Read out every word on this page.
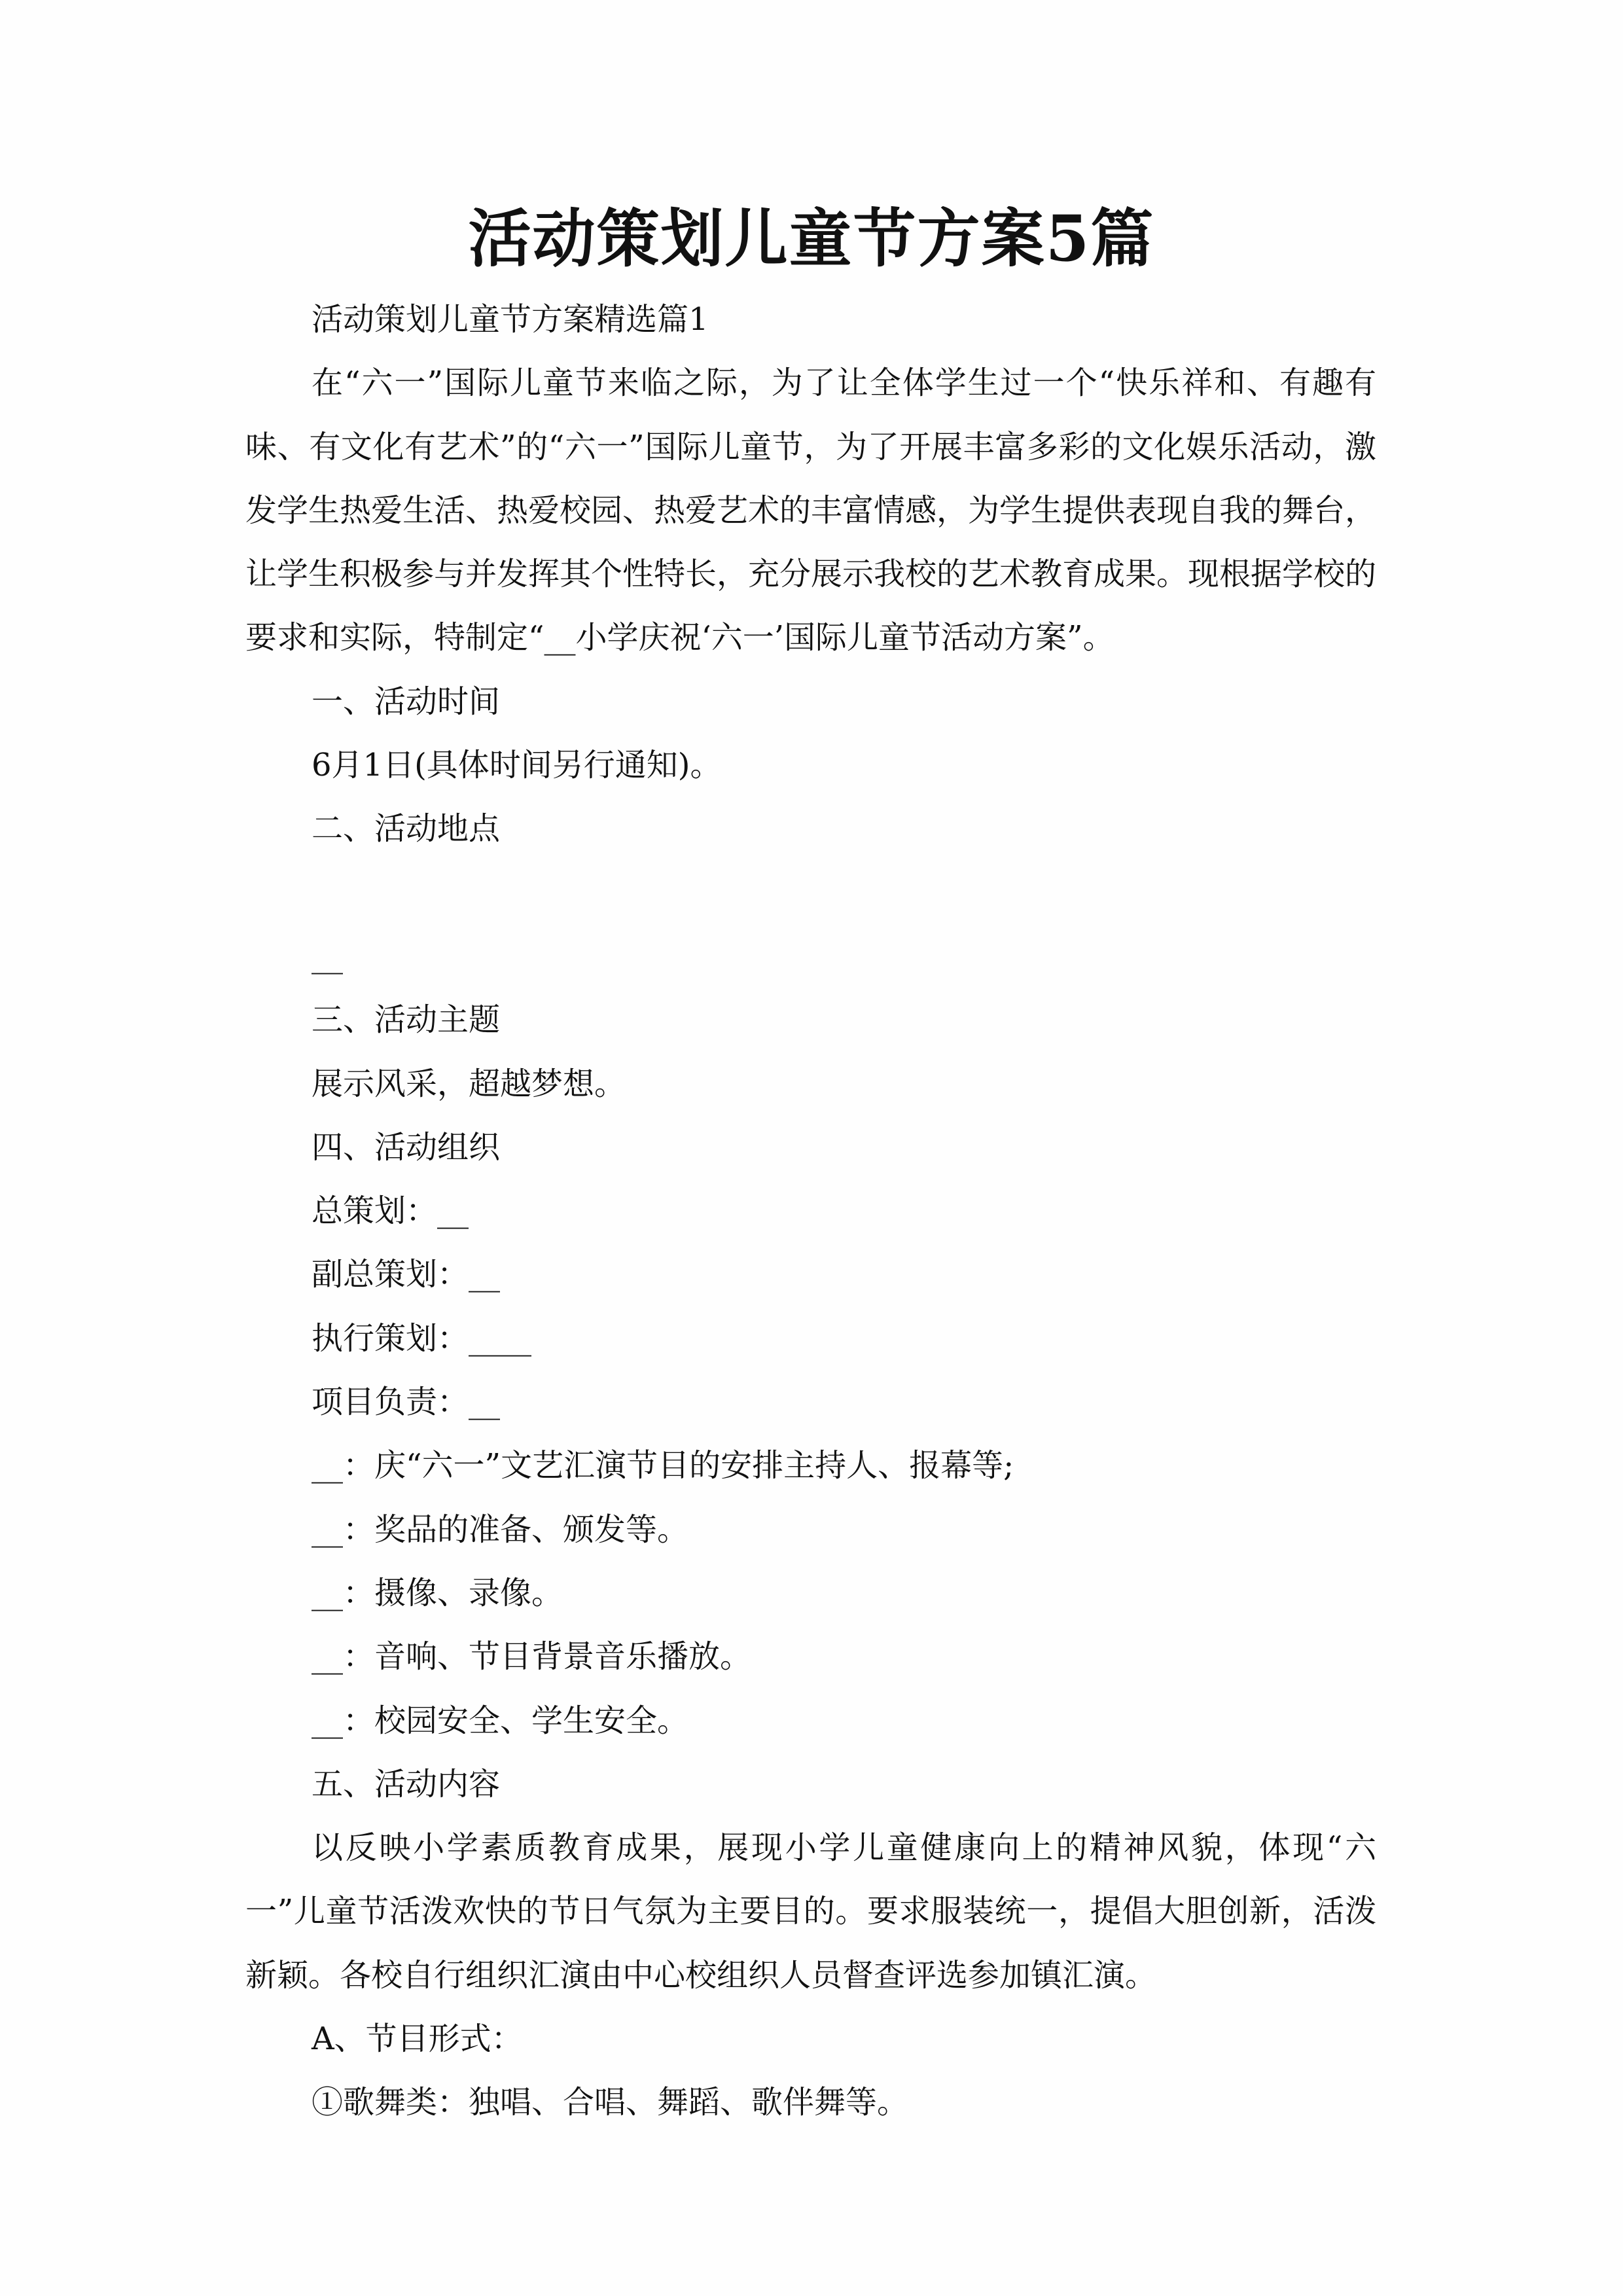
活动策划儿童节方案5篇

活动策划儿童节方案精选篇1

在“六一”国际儿童节来临之际，为了让全体学生过一个“快乐祥和、有趣有味、有文化有艺术”的“六一”国际儿童节，为了开展丰富多彩的文化娱乐活动，激发学生热爱生活、热爱校园、热爱艺术的丰富情感，为学生提供表现自我的舞台，让学生积极参与并发挥其个性特长，充分展示我校的艺术教育成果。现根据学校的要求和实际，特制定“__小学庆祝‘六一’国际儿童节活动方案”。

一、活动时间

6月1日(具体时间另行通知)。

二、活动地点

__

三、活动主题

展示风采，超越梦想。

四、活动组织

总策划：__

副总策划：__

执行策划：____

项目负责：__

__：庆“六一”文艺汇演节目的安排主持人、报幕等;

__：奖品的准备、颁发等。

__：摄像、录像。

__：音响、节目背景音乐播放。

__：校园安全、学生安全。

五、活动内容

以反映小学素质教育成果，展现小学儿童健康向上的精神风貌，体现“六一”儿童节活泼欢快的节日气氛为主要目的。要求服装统一，提倡大胆创新，活泼新颖。各校自行组织汇演由中心校组织人员督查评选参加镇汇演。

A、节目形式：

①歌舞类：独唱、合唱、舞蹈、歌伴舞等。
